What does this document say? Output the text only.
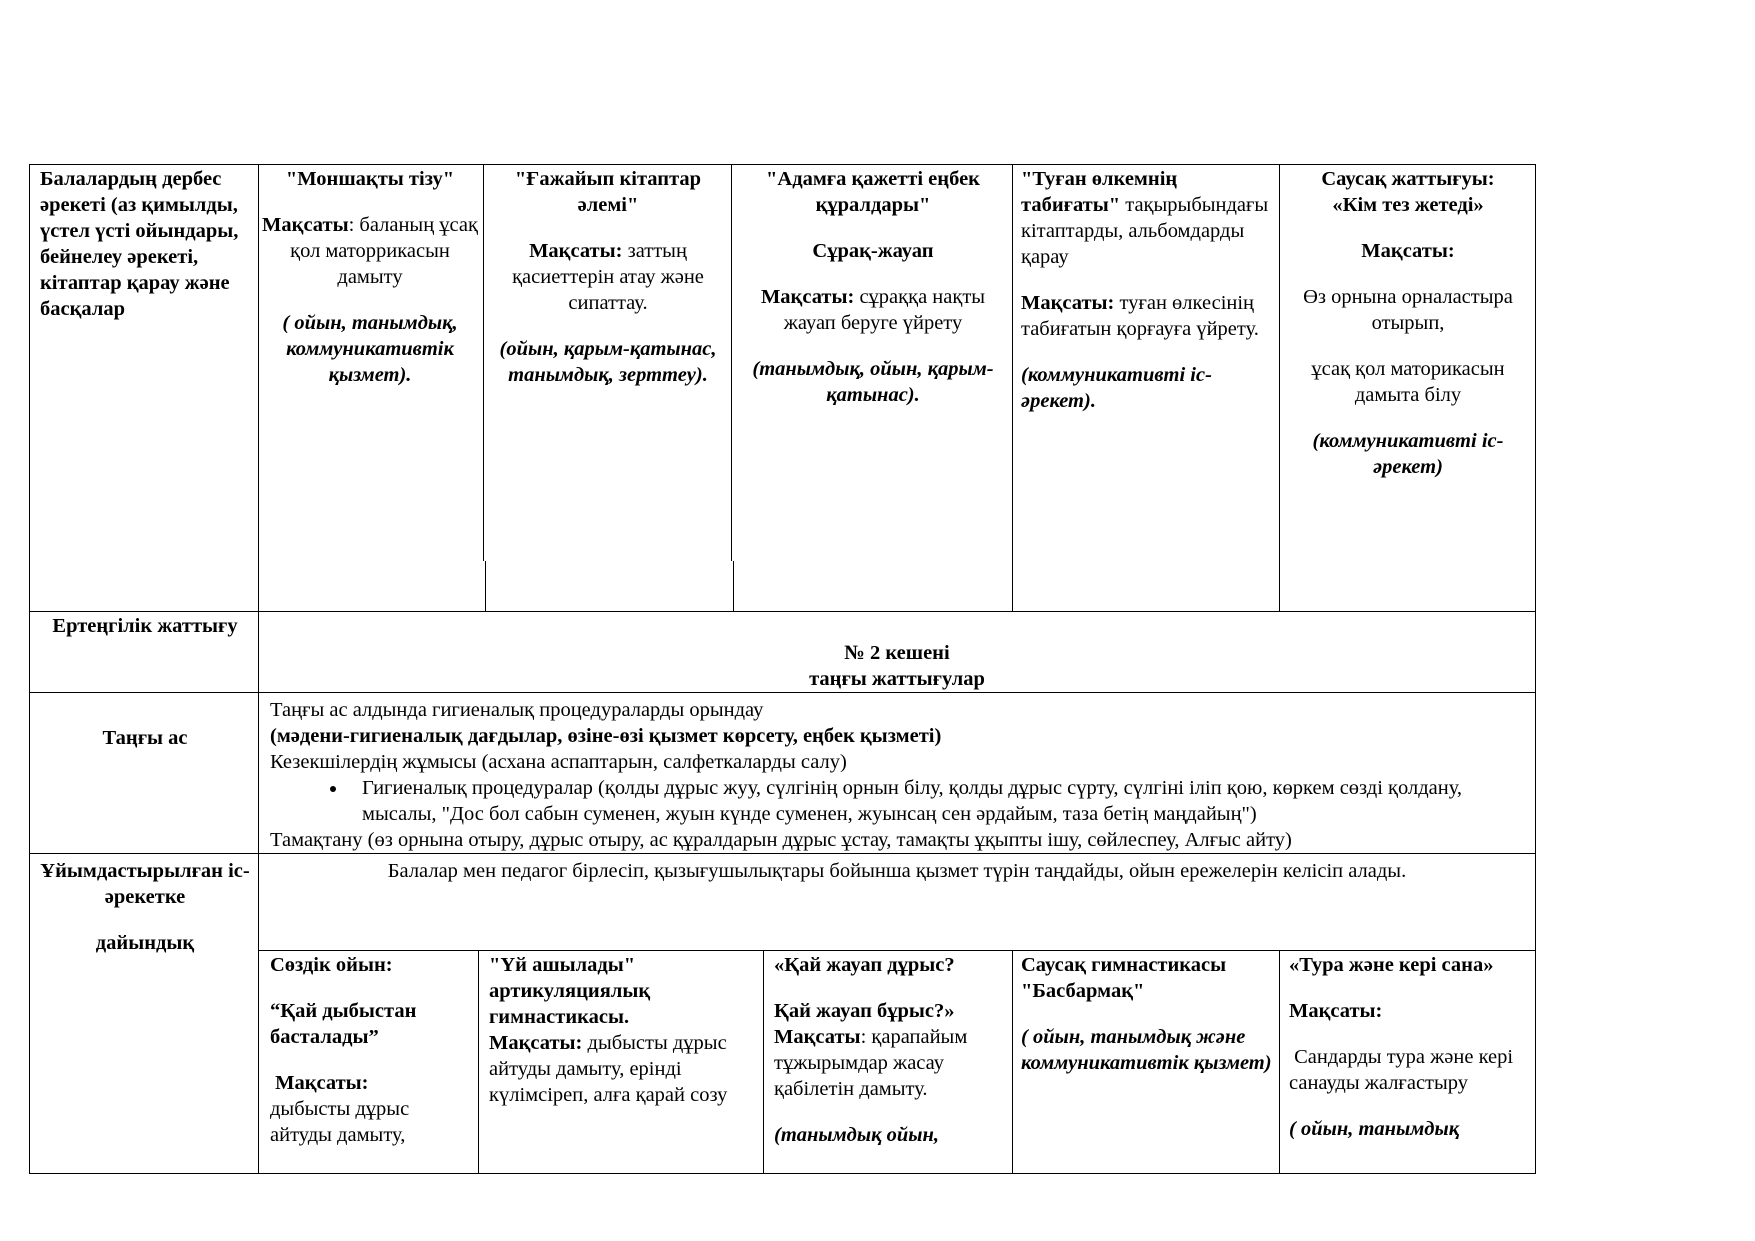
Балалардың дербес әрекеті (аз қимылды, үстел үсті ойындары, бейнелеу әрекеті, кітаптар қарау және басқалар

"Моншақты тізу"

Мақсаты: баланың ұсақ қол маторрикасын дамыту

( ойын, танымдық, коммуникативтік қызмет).

"Ғажайып кітаптар әлемі"

Мақсаты: заттың қасиеттерін атау және сипаттау.

(ойын, қарым-қатынас, танымдық, зерттеу).

"Адамға қажетті еңбек құралдары"

Сұрақ-жауап

Мақсаты: сұраққа нақты жауап беруге үйрету

(танымдық, ойын, қарым-қатынас).

"Туған өлкемнің табиғаты" тақырыбындағы кітаптарды, альбомдарды қарау

Мақсаты: туған өлкесінің табиғатын қорғауға үйрету.

(коммуникативті іс-әрекет).

Саусақ жаттығуы:

«Кім тез жетеді»

Мақсаты:

Өз орнына орналастыра отырып,

ұсақ қол маторикасын дамыта білу

(коммуникативті іс-әрекет)

Ертеңгілік жаттығу

№ 2 кешені

таңғы жаттығулар

Таңғы ас

Таңғы ас алдында гигиеналық процедураларды орындау

(мәдени-гигиеналық дағдылар, өзіне-өзі қызмет көрсету, еңбек қызметі)

Кезекшілердің жұмысы (асхана аспаптарын, салфеткаларды салу)

• Гигиеналық процедуралар (қолды дұрыс жуу, сүлгінің орнын білу, қолды дұрыс сүрту, сүлгіні іліп қою, көркем сөзді қолдану, мысалы, "Дос бол сабын суменен, жуын күнде суменен, жуынсаң сен әрдайым, таза бетің маңдайың")

Тамақтану (өз орнына отыру, дұрыс отыру, ас құралдарын дұрыс ұстау, тамақты ұқыпты ішу, сөйлеспеу, Алғыс айту)

Ұйымдастырылған іс-әрекетке

дайындық

Балалар мен педагог бірлесіп, қызығушылықтары бойынша қызмет түрін таңдайды, ойын ережелерін келісіп алады.

Сөздік ойын:

“Қай дыбыстан басталады”

Мақсаты:

дыбысты дұрыс айтуды дамыту,

"Үй ашылады" артикуляциялық гимнастикасы.

Мақсаты: дыбысты дұрыс айтуды дамыту, еріндi күлімсіреп, алға қарай созу

«Қай жауап дұрыс?

Қай жауап бұрыс?»

Мақсаты: қарапайым тұжырымдар жасау қабілетін дамыту.

(танымдық ойын,

Саусақ гимнастикасы "Басбармақ"

( ойын, танымдық және коммуникативтік қызмет)

«Тура және кері сана»

Мақсаты:

Сандарды тура және кері санауды жалғастыру

( ойын, танымдық
